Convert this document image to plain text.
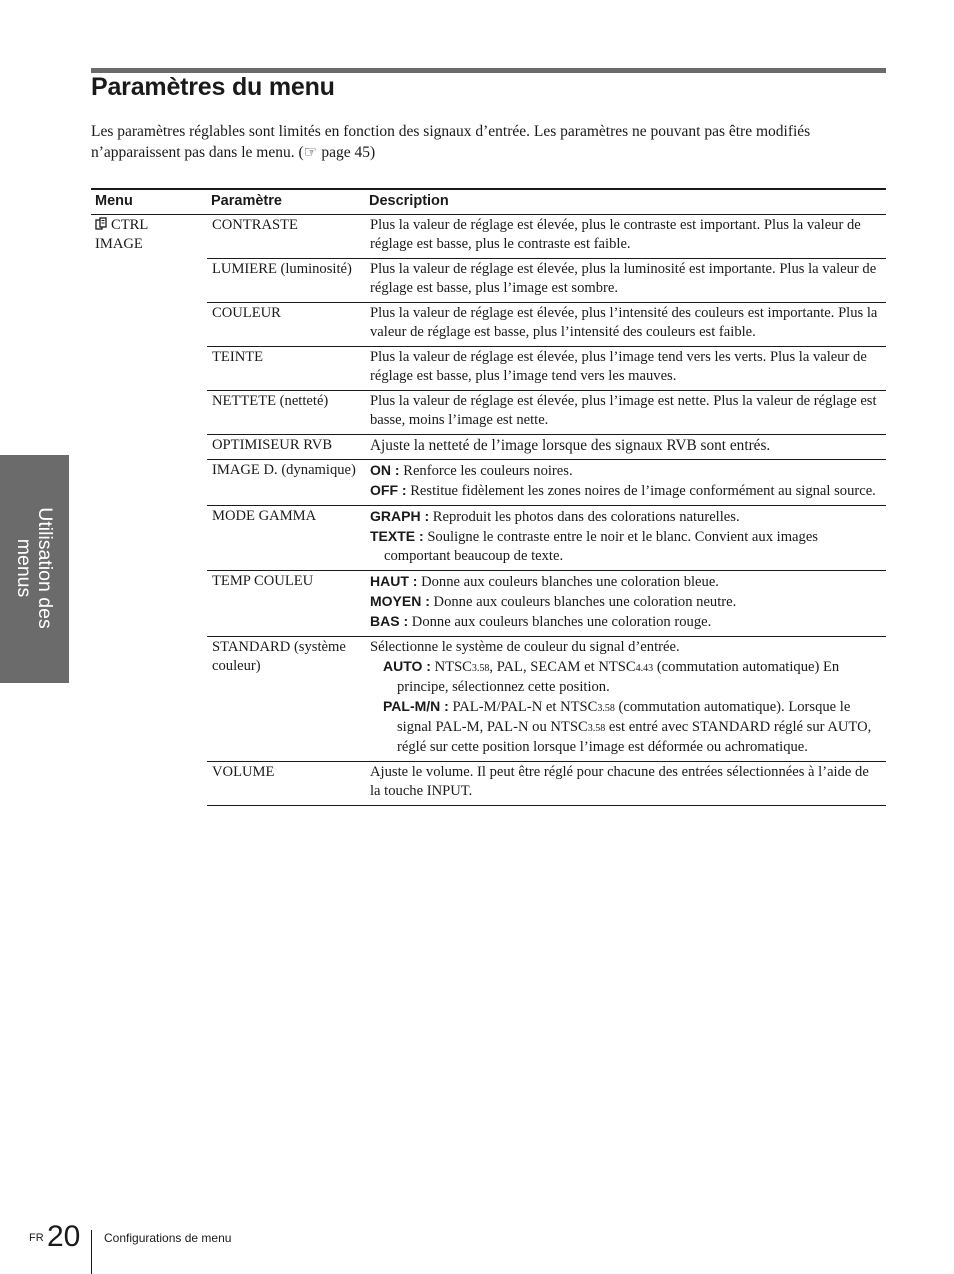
Paramètres du menu

Les paramètres réglables sont limités en fonction des signaux d’entrée. Les paramètres ne pouvant pas être modifiés n’apparaissent pas dans le menu. (☞ page 45)

Menu	Paramètre	Description
CTRL
IMAGE	CONTRASTE	Plus la valeur de réglage est élevée, plus le contraste est important. Plus la valeur de réglage est basse, plus le contraste est faible.
	LUMIERE (luminosité)	Plus la valeur de réglage est élevée, plus la luminosité est importante. Plus la valeur de réglage est basse, plus l’image est sombre.
	COULEUR	Plus la valeur de réglage est élevée, plus l’intensité des couleurs est importante. Plus la valeur de réglage est basse, plus l’intensité des couleurs est faible.
	TEINTE	Plus la valeur de réglage est élevée, plus l’image tend vers les verts. Plus la valeur de réglage est basse, plus l’image tend vers les mauves.
	NETTETE (netteté)	Plus la valeur de réglage est élevée, plus l’image est nette. Plus la valeur de réglage est basse, moins l’image est nette.
	OPTIMISEUR RVB	Ajuste la netteté de l’image lorsque des signaux RVB sont entrés.
	IMAGE D. (dynamique)	ON : Renforce les couleurs noires.
OFF : Restitue fidèlement les zones noires de l’image conformément au signal source.

	MODE GAMMA	GRAPH : Reproduit les photos dans des colorations naturelles.
TEXTE : Souligne le contraste entre le noir et le blanc. Convient aux images comportant beaucoup de texte.

	TEMP COULEU	HAUT : Donne aux couleurs blanches une coloration bleue.
MOYEN : Donne aux couleurs blanches une coloration neutre.
BAS : Donne aux couleurs blanches une coloration rouge.

	STANDARD (système couleur)	Sélectionne le système de couleur du signal d’entrée.
AUTO : NTSC3.58, PAL, SECAM et NTSC4.43 (commutation automatique) En principe, sélectionnez cette position.
PAL-M/N : PAL-M/PAL-N et NTSC3.58 (commutation automatique). Lorsque le signal PAL-M, PAL-N ou NTSC3.58 est entré avec STANDARD réglé sur AUTO, réglé sur cette position lorsque l’image est déformée ou achromatique.

	VOLUME	Ajuste le volume. Il peut être réglé pour chacune des entrées sélectionnées à l’aide de la touche INPUT.
Utilisation des
menus
FR 20 Configurations de menu
